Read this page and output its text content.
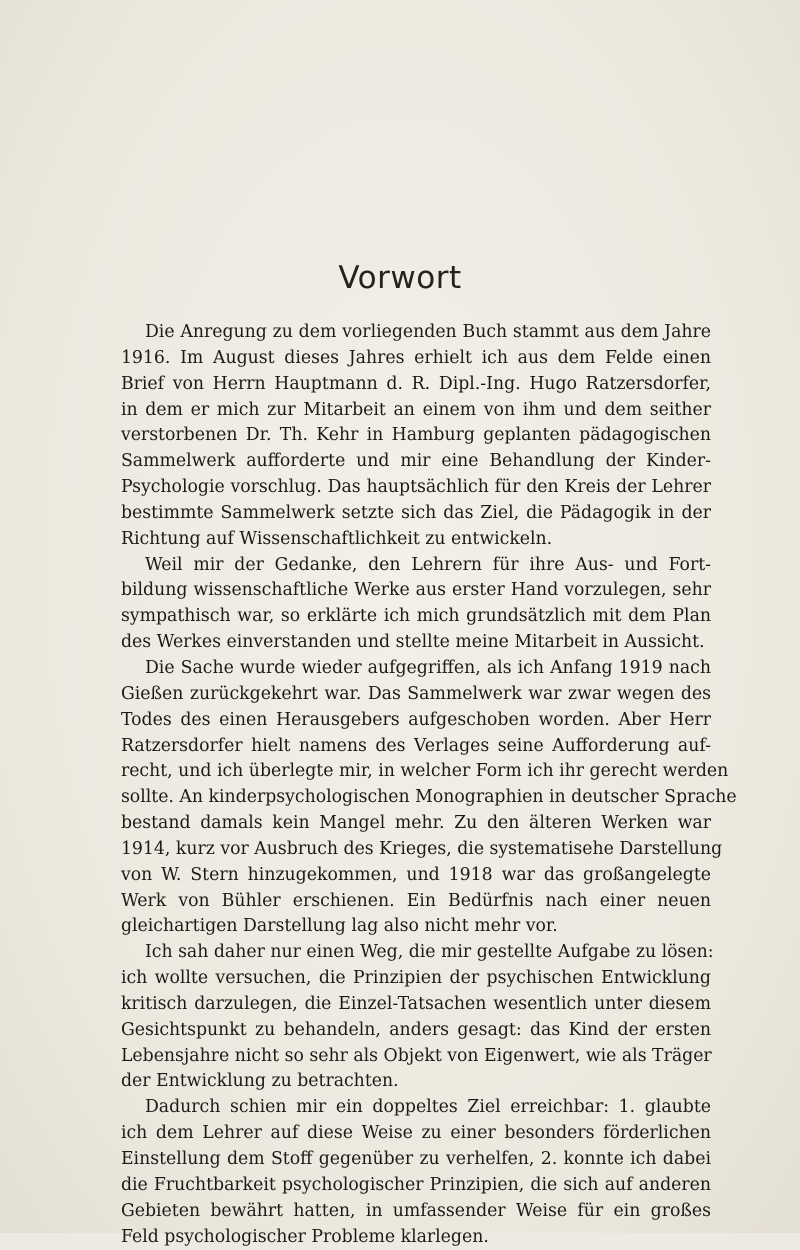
Vorwort

Die Anregung zu dem vorliegenden Buch stammt aus dem Jahre
1916. Im August dieses Jahres erhielt ich aus dem Felde einen
Brief von Herrn Hauptmann d. R. Dipl.-Ing. Hugo Ratzersdorfer,
in dem er mich zur Mitarbeit an einem von ihm und dem seither
verstorbenen Dr. Th. Kehr in Hamburg geplanten pädagogischen
Sammelwerk aufforderte und mir eine Behandlung der Kinder-
Psychologie vorschlug. Das hauptsächlich für den Kreis der Lehrer
bestimmte Sammelwerk setzte sich das Ziel, die Pädagogik in der
Richtung auf Wissenschaftlichkeit zu entwickeln.

Weil mir der Gedanke, den Lehrern für ihre Aus- und Fort-
bildung wissenschaftliche Werke aus erster Hand vorzulegen, sehr
sympathisch war, so erklärte ich mich grundsätzlich mit dem Plan
des Werkes einverstanden und stellte meine Mitarbeit in Aussicht.

Die Sache wurde wieder aufgegriffen, als ich Anfang 1919 nach
Gießen zurückgekehrt war. Das Sammelwerk war zwar wegen des
Todes des einen Herausgebers aufgeschoben worden. Aber Herr
Ratzersdorfer hielt namens des Verlages seine Aufforderung auf-
recht, und ich überlegte mir, in welcher Form ich ihr gerecht werden
sollte. An kinderpsychologischen Monographien in deutscher Sprache
bestand damals kein Mangel mehr. Zu den älteren Werken war
1914, kurz vor Ausbruch des Krieges, die systematisehe Darstellung
von W. Stern hinzugekommen, und 1918 war das großangelegte
Werk von Bühler erschienen. Ein Bedürfnis nach einer neuen
gleichartigen Darstellung lag also nicht mehr vor.

Ich sah daher nur einen Weg, die mir gestellte Aufgabe zu lösen:
ich wollte versuchen, die Prinzipien der psychischen Entwicklung
kritisch darzulegen, die Einzel-Tatsachen wesentlich unter diesem
Gesichtspunkt zu behandeln, anders gesagt: das Kind der ersten
Lebensjahre nicht so sehr als Objekt von Eigenwert, wie als Träger
der Entwicklung zu betrachten.

Dadurch schien mir ein doppeltes Ziel erreichbar: 1. glaubte
ich dem Lehrer auf diese Weise zu einer besonders förderlichen
Einstellung dem Stoff gegenüber zu verhelfen, 2. konnte ich dabei
die Fruchtbarkeit psychologischer Prinzipien, die sich auf anderen
Gebieten bewährt hatten, in umfassender Weise für ein großes
Feld psychologischer Probleme klarlegen.
